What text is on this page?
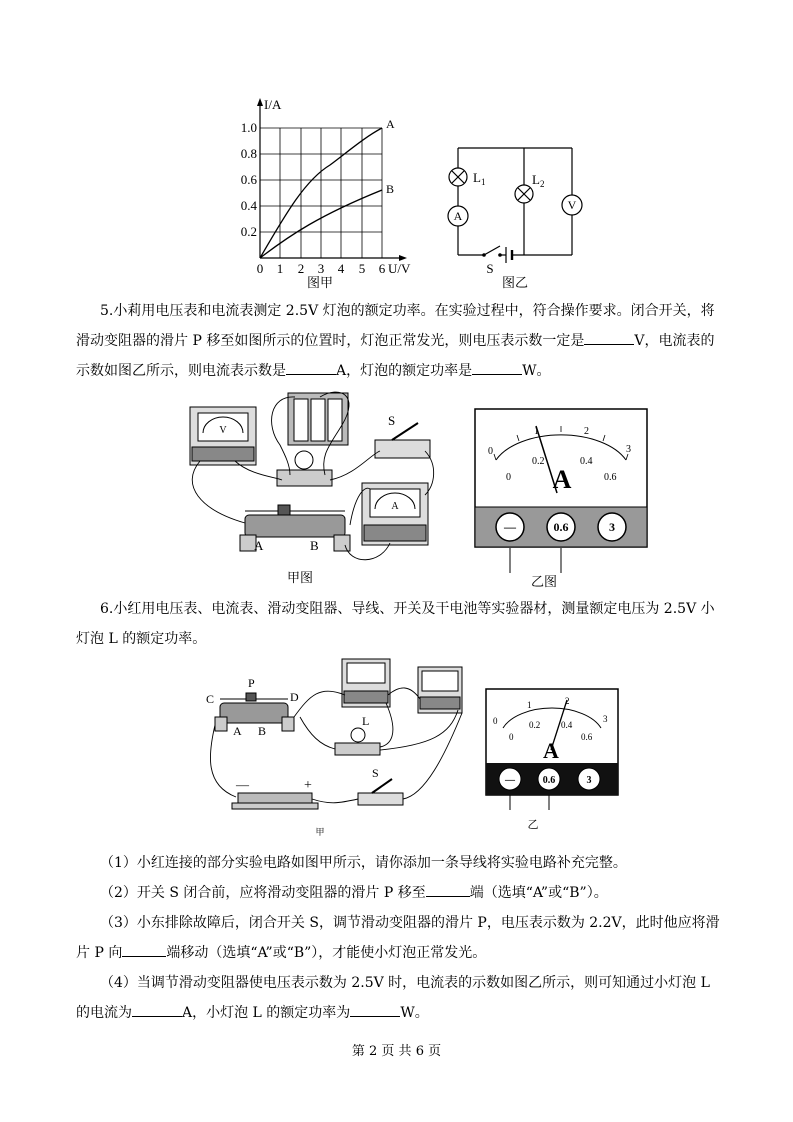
I/A
U/V
A
B
1.0
0.8
0.6
0.4
0.2
0 1 2 3 4 5 6
图甲
$L_1$	$L_2$
A
V
S
图乙
5.小莉用电压表和电流表测定 2.5V 灯泡的额定功率。在实验过程中，符合操作要求。闭合开关，将滑动变阻器的滑片 P 移至如图所示的位置时，灯泡正常发光，则电压表示数一定是	V，电流表的示数如图乙所示，则电流表示数是	A，灯泡的额定功率是	W。
V
A
S
A	B
甲图
0
1	2
3
0
0.2	0.4
0.6
A
—	0.6	3
乙图
6.小红用电压表、电流表、滑动变阻器、导线、开关及干电池等实验器材，测量额定电压为 2.5V 小灯泡 L 的额定功率。
C
P
D
A B
L
S
—	+
甲
0
1	2
3
0
0.2 0.4
0.6
A
—	0.6	3
乙
（1）小红连接的部分实验电路如图甲所示，请你添加一条导线将实验电路补充完整。
（2）开关 S 闭合前，应将滑动变阻器的滑片 P 移至	端（选填“A”或“B”）。
（3）小东排除故障后，闭合开关 S，调节滑动变阻器的滑片 P，电压表示数为 2.2V，此时他应将滑片 P 向	端移动（选填“A”或“B”），才能使小灯泡正常发光。
（4）当调节滑动变阻器使电压表示数为 2.5V 时，电流表的示数如图乙所示，则可知通过小灯泡 L 的电流为	A，小灯泡 L 的额定功率为	W。
第 2 页 共 6 页
